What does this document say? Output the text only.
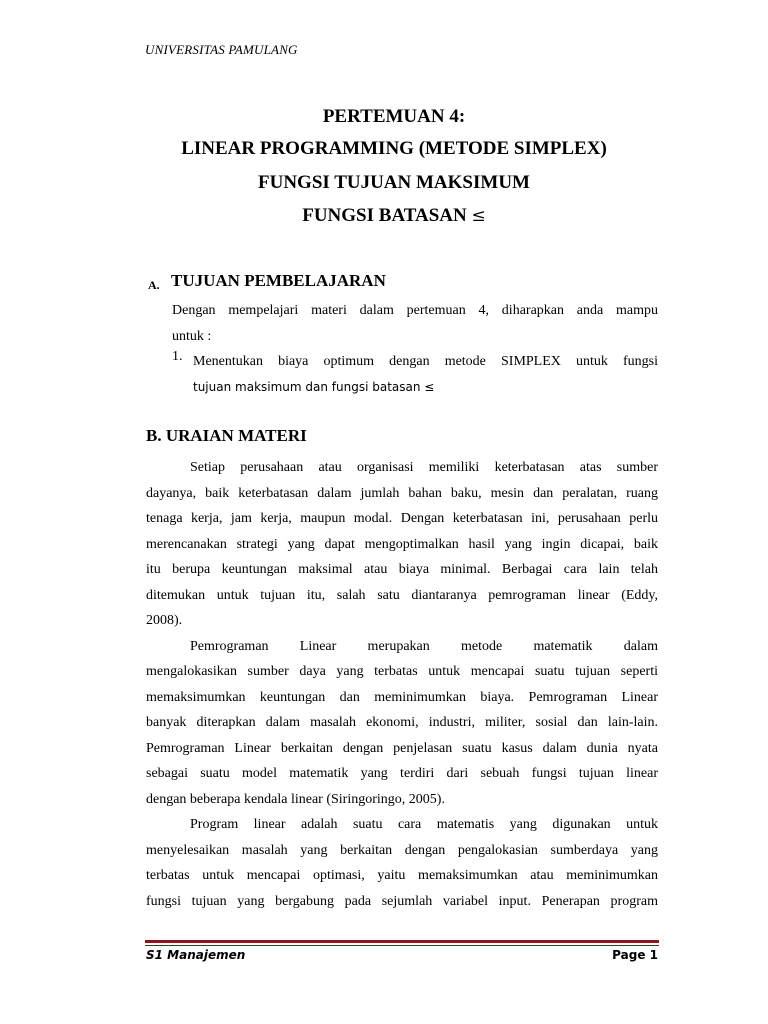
UNIVERSITAS PAMULANG
PERTEMUAN 4:
LINEAR PROGRAMMING (METODE SIMPLEX)
FUNGSI TUJUAN MAKSIMUM
FUNGSI BATASAN ≤
A. TUJUAN PEMBELAJARAN
Dengan mempelajari materi dalam pertemuan 4, diharapkan anda mampu
untuk :
1. Menentukan biaya optimum dengan metode SIMPLEX untuk fungsi
tujuan maksimum dan fungsi batasan ≤
B. URAIAN MATERI
Setiap perusahaan atau organisasi memiliki keterbatasan atas sumber
dayanya, baik keterbatasan dalam jumlah bahan baku, mesin dan peralatan, ruang
tenaga kerja, jam kerja, maupun modal. Dengan keterbatasan ini, perusahaan perlu
merencanakan strategi yang dapat mengoptimalkan hasil yang ingin dicapai, baik
itu berupa keuntungan maksimal atau biaya minimal. Berbagai cara lain telah
ditemukan untuk tujuan itu, salah satu diantaranya pemrograman linear (Eddy,
2008).
Pemrograman Linear merupakan metode matematik dalam
mengalokasikan sumber daya yang terbatas untuk mencapai suatu tujuan seperti
memaksimumkan keuntungan dan meminimumkan biaya. Pemrograman Linear
banyak diterapkan dalam masalah ekonomi, industri, militer, sosial dan lain-lain.
Pemrograman Linear berkaitan dengan penjelasan suatu kasus dalam dunia nyata
sebagai suatu model matematik yang terdiri dari sebuah fungsi tujuan linear
dengan beberapa kendala linear (Siringoringo, 2005).
Program linear adalah suatu cara matematis yang digunakan untuk
menyelesaikan masalah yang berkaitan dengan pengalokasian sumberdaya yang
terbatas untuk mencapai optimasi, yaitu memaksimumkan atau meminimumkan
fungsi tujuan yang bergabung pada sejumlah variabel input. Penerapan program
S1 Manajemen	Page 1
